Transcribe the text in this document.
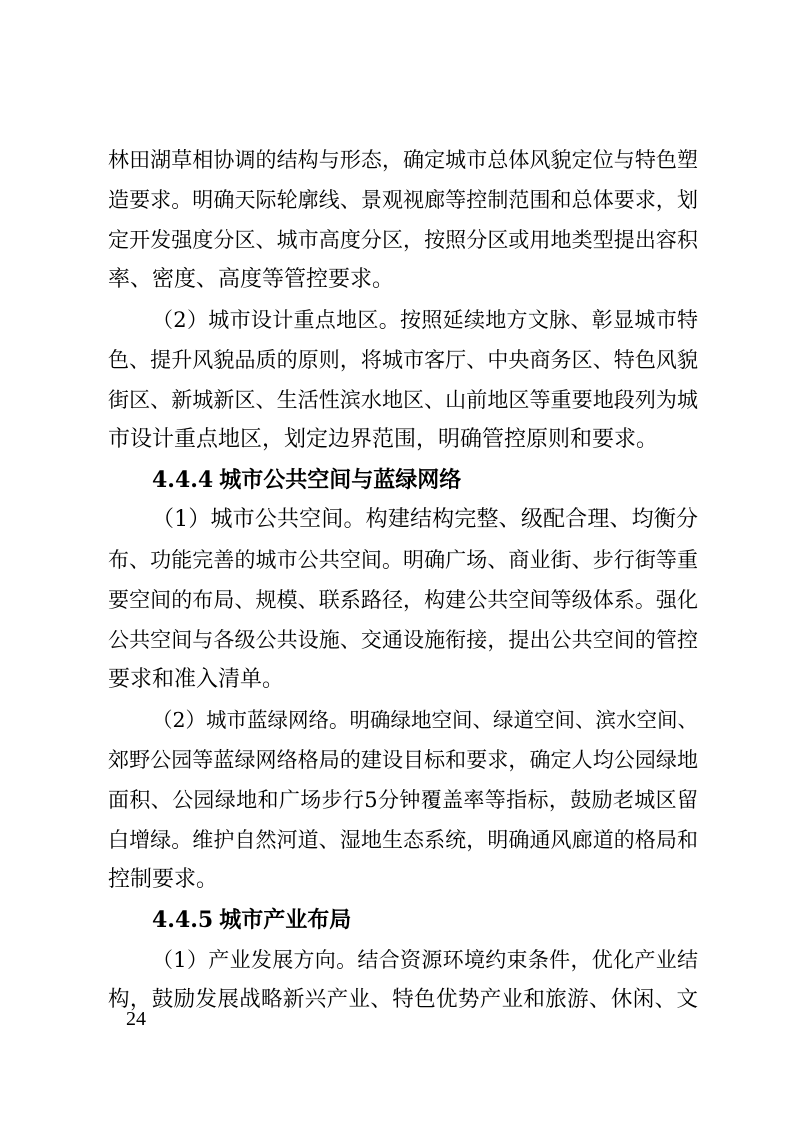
林田湖草相协调的结构与形态，确定城市总体风貌定位与特色塑
造要求。明确天际轮廓线、景观视廊等控制范围和总体要求，划
定开发强度分区、城市高度分区，按照分区或用地类型提出容积
率、密度、高度等管控要求。
（2）城市设计重点地区。按照延续地方文脉、彰显城市特
色、提升风貌品质的原则，将城市客厅、中央商务区、特色风貌
街区、新城新区、生活性滨水地区、山前地区等重要地段列为城
市设计重点地区，划定边界范围，明确管控原则和要求。
4.4.4 城市公共空间与蓝绿网络
（1）城市公共空间。构建结构完整、级配合理、均衡分
布、功能完善的城市公共空间。明确广场、商业街、步行街等重
要空间的布局、规模、联系路径，构建公共空间等级体系。强化
公共空间与各级公共设施、交通设施衔接，提出公共空间的管控
要求和准入清单。
（2）城市蓝绿网络。明确绿地空间、绿道空间、滨水空间、
郊野公园等蓝绿网络格局的建设目标和要求，确定人均公园绿地
面积、公园绿地和广场步行5分钟覆盖率等指标，鼓励老城区留
白增绿。维护自然河道、湿地生态系统，明确通风廊道的格局和
控制要求。
4.4.5 城市产业布局
（1）产业发展方向。结合资源环境约束条件，优化产业结
构，鼓励发展战略新兴产业、特色优势产业和旅游、休闲、文
24
